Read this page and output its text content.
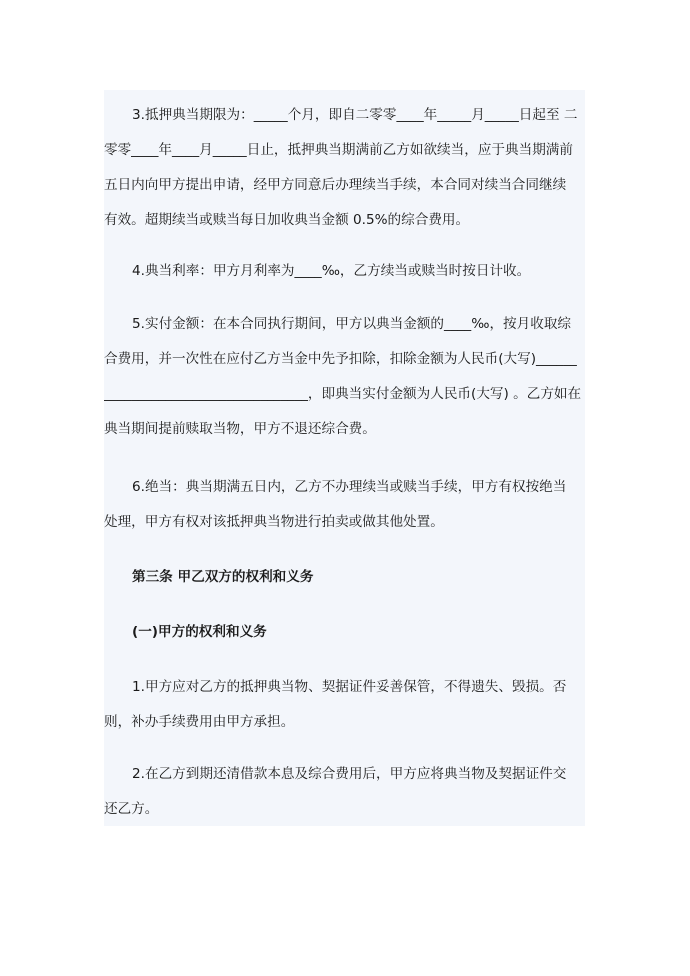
3.抵押典当期限为：_____个月，即自二零零____年_____月_____日起至 二
零零____年____月_____日止，抵押典当期满前乙方如欲续当，应于典当期满前
五日内向甲方提出申请，经甲方同意后办理续当手续，本合同对续当合同继续
有效。超期续当或赎当每日加收典当金额 0.5%的综合费用。
4.典当利率：甲方月利率为____‰，乙方续当或赎当时按日计收。
5.实付金额：在本合同执行期间，甲方以典当金额的____‰，按月收取综
合费用，并一次性在应付乙方当金中先予扣除，扣除金额为人民币(大写)______
______________________________，即典当实付金额为人民币(大写) 。乙方如在
典当期间提前赎取当物，甲方不退还综合费。
6.绝当：典当期满五日内，乙方不办理续当或赎当手续，甲方有权按绝当
处理，甲方有权对该抵押典当物进行拍卖或做其他处置。
第三条 甲乙双方的权利和义务
(一)甲方的权利和义务
1.甲方应对乙方的抵押典当物、契据证件妥善保管，不得遗失、毁损。否
则，补办手续费用由甲方承担。
2.在乙方到期还清借款本息及综合费用后，甲方应将典当物及契据证件交
还乙方。
